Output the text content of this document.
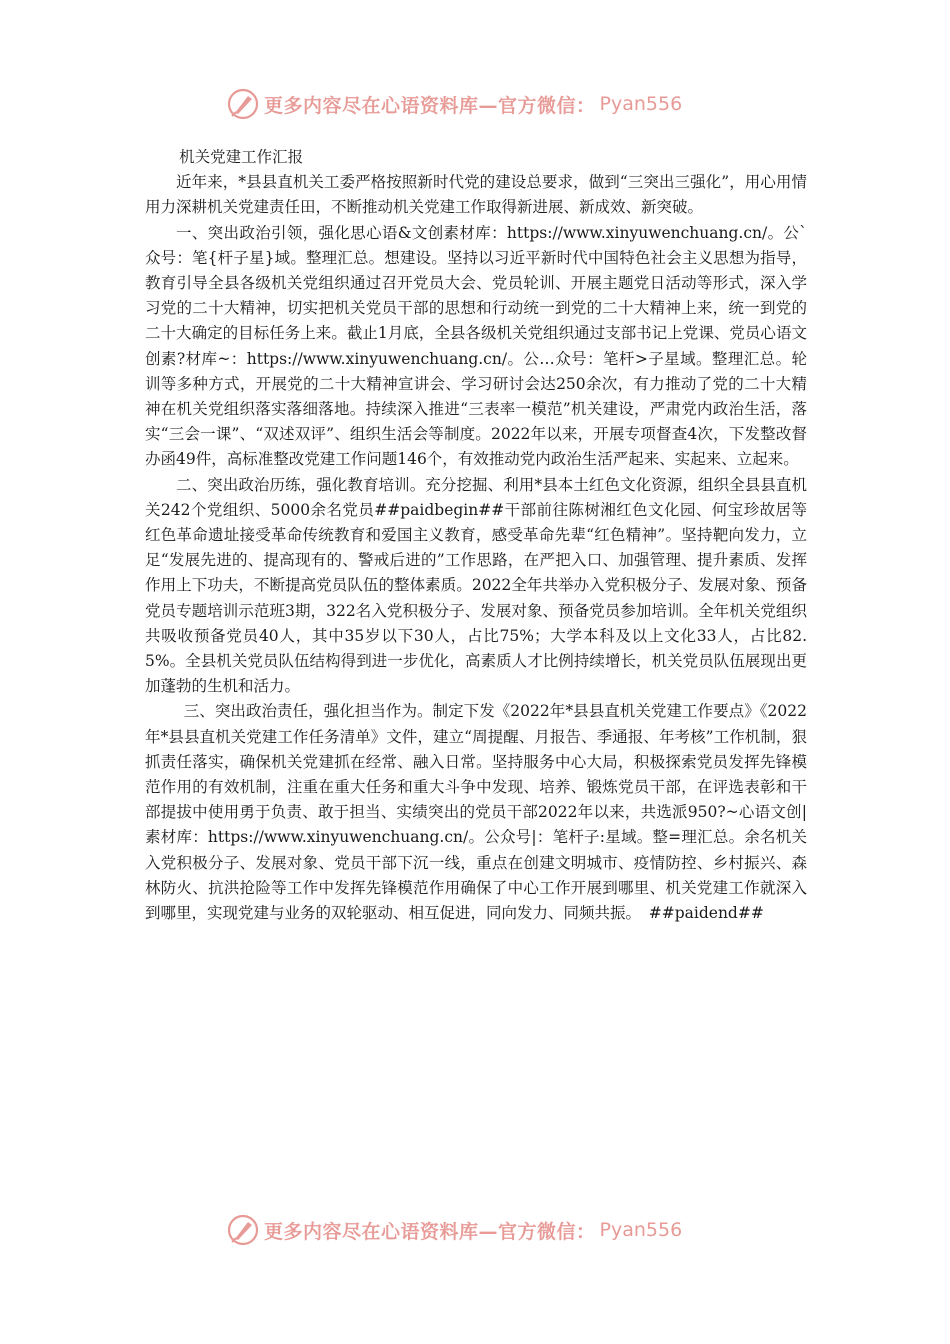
更多内容尽在心语资料库—官方微信： Pyan556

机关党建工作汇报

近年来，*县县直机关工委严格按照新时代党的建设总要求，做到“三突出三强化”，用心用情用力深耕机关党建责任田，不断推动机关党建工作取得新进展、新成效、新突破。

一、突出政治引领，强化思心语&文创素材库：https://www.xinyuwenchuang.cn/。公`众号：笔{杆子星}域。整理汇总。想建设。坚持以习近平新时代中国特色社会主义思想为指导，教育引导全县各级机关党组织通过召开党员大会、党员轮训、开展主题党日活动等形式，深入学习党的二十大精神，切实把机关党员干部的思想和行动统一到党的二十大精神上来，统一到党的二十大确定的目标任务上来。截止1月底，全县各级机关党组织通过支部书记上党课、党员心语文创素?材库~：https://www.xinyuwenchuang.cn/。公…众号：笔杆>子星域。整理汇总。轮训等多种方式，开展党的二十大精神宣讲会、学习研讨会达250余次，有力推动了党的二十大精神在机关党组织落实落细落地。持续深入推进“三表率一模范”机关建设，严肃党内政治生活，落实“三会一课”、“双述双评”、组织生活会等制度。2022年以来，开展专项督查4次，下发整改督办函49件，高标准整改党建工作问题146个，有效推动党内政治生活严起来、实起来、立起来。

二、突出政治历练，强化教育培训。充分挖掘、利用*县本土红色文化资源，组织全县县直机关242个党组织、5000余名党员##paidbegin##干部前往陈树湘红色文化园、何宝珍故居等红色革命遗址接受革命传统教育和爱国主义教育，感受革命先辈“红色精神”。坚持靶向发力，立足“发展先进的、提高现有的、警戒后进的”工作思路，在严把入口、加强管理、提升素质、发挥作用上下功夫，不断提高党员队伍的整体素质。2022全年共举办入党积极分子、发展对象、预备党员专题培训示范班3期，322名入党积极分子、发展对象、预备党员参加培训。全年机关党组织共吸收预备党员40人，其中35岁以下30人，占比75%；大学本科及以上文化33人，占比82.5%。全县机关党员队伍结构得到进一步优化，高素质人才比例持续增长，机关党员队伍展现出更加蓬勃的生机和活力。

三、突出政治责任，强化担当作为。制定下发《2022年*县县直机关党建工作要点》《2022年*县县直机关党建工作任务清单》文件，建立“周提醒、月报告、季通报、年考核”工作机制，狠抓责任落实，确保机关党建抓在经常、融入日常。坚持服务中心大局，积极探索党员发挥先锋模范作用的有效机制，注重在重大任务和重大斗争中发现、培养、锻炼党员干部，在评选表彰和干部提拔中使用勇于负责、敢于担当、实绩突出的党员干部2022年以来，共选派950?~心语文创|素材库：https://www.xinyuwenchuang.cn/。公众号|：笔杆子:星域。整=理汇总。余名机关入党积极分子、发展对象、党员干部下沉一线，重点在创建文明城市、疫情防控、乡村振兴、森林防火、抗洪抢险等工作中发挥先锋模范作用确保了中心工作开展到哪里、机关党建工作就深入到哪里，实现党建与业务的双轮驱动、相互促进，同向发力、同频共振。　##paidend##

更多内容尽在心语资料库—官方微信： Pyan556
